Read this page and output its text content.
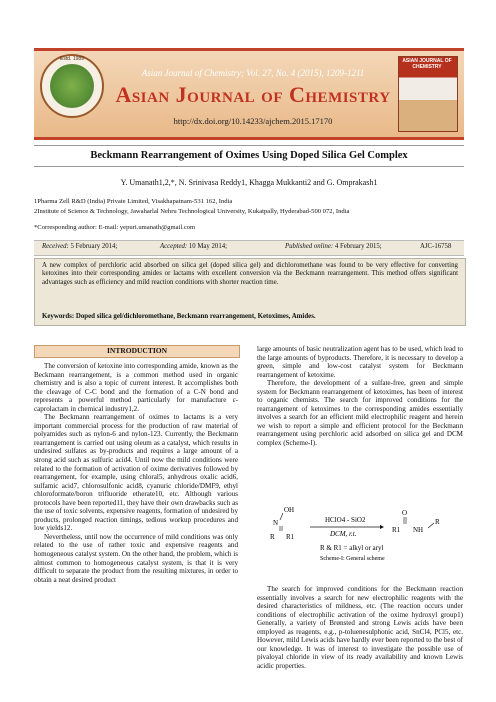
Estd. 1989
Asian Journal of Chemistry; Vol. 27, No. 4 (2015), 1209-1211
Asian Journal of Chemistry
http://dx.doi.org/10.14233/ajchem.2015.17170
ASIAN JOURNAL OF CHEMISTRY
Beckmann Rearrangement of Oximes Using Doped Silica Gel Complex
Y. Umanath1,2,*, N. Srinivasa Reddy1, Khagga Mukkanti2 and G. Omprakash1
1Pharma Zell R&D (India) Private Limited, Visakhapatnam-531 162, India
2Institute of Science & Technology, Jawaharlal Nehru Technological University, Kukatpally, Hyderabad-500 072, India
*Corresponding author: E-mail: yepuri.umanath@gmail.com
Received: 5 February 2014;	Accepted: 10 May 2014;	Published online: 4 February 2015;	AJC-16758
A new complex of perchloric acid absorbed on silica gel (doped silica gel) and dichloromethane was found to be very effective for converting ketoxines into their corresponding amides or lactams with excellent conversion via the Beckmann rearrangement. This method offers significant advantages such as efficiency and mild reaction conditions with shorter reaction time.
Keywords: Doped silica gel/dichloromethane, Beckmann rearrangement, Ketoximes, Amides.
INTRODUCTION

The conversion of ketoxine into corresponding amide, known as the Beckmann rearrangement, is a common method used in organic chemistry and is also a topic of current interest. It accomplishes both the cleavage of C-C bond and the formation of a C-N bond and represents a powerful method particularly for manufacture ε-caprolactam in chemical industry1,2.

The Beckmann rearrangement of oximes to lactams is a very important commercial process for the production of raw material of polyamides such as nylon-6 and nylon-123. Currently, the Beckmann rearrangement is carried out using oleum as a catalyst, which results in undesired sulfates as by-products and requires a large amount of a strong acid such as sulfuric acid4. Until now the mild conditions were related to the formation of activation of oxime derivatives followed by rearrangement, for example, using chloral5, anhydrous oxalic acid6, sulfamic acid7, chlorosulfonic acid8, cyanuric chloride/DMF9, ethyl chloroformate/boron trifluoride etherate10, etc. Although various protocols have been reported11, they have their own drawbacks such as the use of toxic solvents, expensive reagents, formation of undesired by products, prolonged reaction timings, tedious workup procedures and low yields12.

Nevertheless, until now the occurrence of mild conditions was only related to the use of rather toxic and expensive reagents and homogeneous catalyst system. On the other hand, the problem, which is almost common to homogeneous catalyst system, is that it is very difficult to separate the product from the resulting mixtures, in order to obtain a neat desired product

large amounts of basic neutralization agent has to be used, which lead to the large amounts of byproducts. Therefore, it is necessary to develop a green, simple and low-cost catalyst system for Beckmann rearrangement of ketoxime.

Therefore, the development of a sulfate-free, green and simple system for Beckmann rearrangement of ketoximes, has been of interest to organic chemists. The search for improved conditions for the rearrangement of ketoximes to the corresponding amides essentially involves a search for an efficient mild electrophilic reagent and herein we wish to report a simple and efficient protocol for the Beckmann rearrangement using perchloric acid adsorbed on silica gel and DCM complex (Scheme-I).

OH
N
R R1
HClO4 - SiO2
DCM, r.t.
O
R1 NH
R
R & R1 = alkyl or aryl
Scheme-I: General scheme

The search for improved conditions for the Beckmann reaction essentially involves a search for new electrophilic reagents with the desired characteristics of mildness, etc. (The reaction occurs under conditions of electrophilic activation of the oxime hydroxyl group1) Generally, a variety of Brønsted and strong Lewis acids have been employed as reagents, e.g., p-toluenesulphonic acid, SnCl4, PCl5, etc. However, mild Lewis acids have hardly ever been reported to the best of our knowledge. It was of interest to investigate the possible use of pivaloyal chloride in view of its ready availability and known Lewis acidic properties.
